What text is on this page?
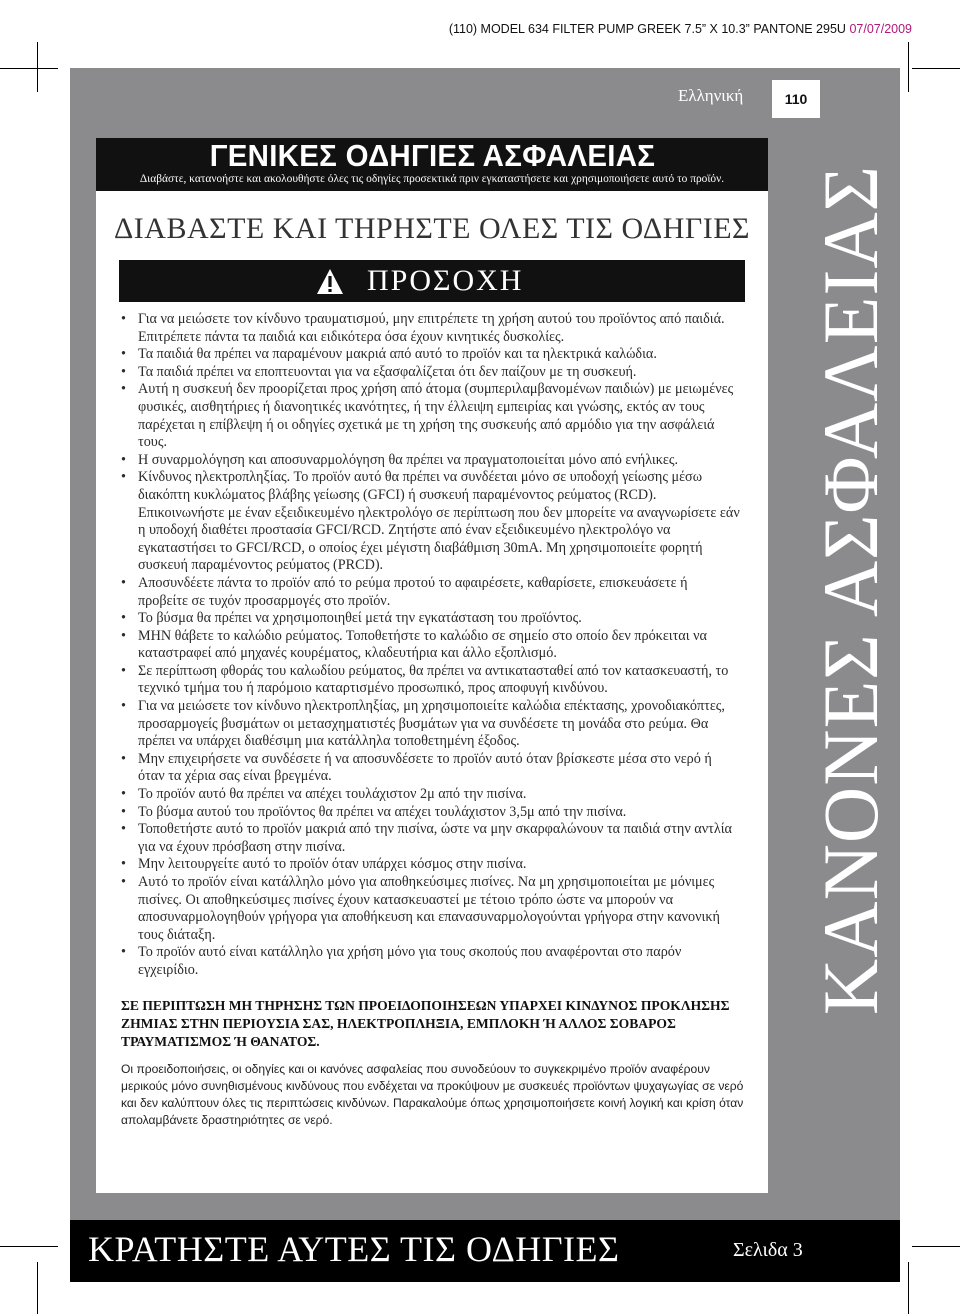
(110) MODEL 634 FILTER PUMP GREEK 7.5” X 10.3” PANTONE 295U 07/07/2009
Ελληνική	110
ΓΕΝΙΚΕΣ ΟΔΗΓΙΕΣ ΑΣΦΑΛΕΙΑΣ
Διαβάστε, κατανοήστε και ακολουθήστε όλες τις οδηγίες προσεκτικά πριν εγκαταστήσετε και χρησιμοποιήσετε αυτό το προϊόν.
ΔΙΑΒΑΣΤΕ ΚΑΙ ΤΗΡΗΣΤΕ ΟΛΕΣ ΤΙΣ ΟΔΗΓΙΕΣ
ΠΡΟΣΟΧΗ
• Για να μειώσετε τον κίνδυνο τραυματισμού, μην επιτρέπετε τη χρήση αυτού του προϊόντος από παιδιά. Επιτρέπετε πάντα τα παιδιά και ειδικότερα όσα έχουν κινητικές δυσκολίες.
• Τα παιδιά θα πρέπει να παραμένουν μακριά από αυτό το προϊόν και τα ηλεκτρικά καλώδια.
• Τα παιδιά πρέπει να εποπτευονται για να εξασφαλίζεται ότι δεν παίζουν με τη συσκευή.
• Αυτή η συσκευή δεν προορίζεται προς χρήση από άτομα (συμπεριλαμβανομένων παιδιών) με μειωμένες φυσικές, αισθητήριες ή διανοητικές ικανότητες, ή την έλλειψη εμπειρίας και γνώσης, εκτός αν τους παρέχεται η επίβλεψη ή οι οδηγίες σχετικά με τη χρήση της συσκευής από αρμόδιο για την ασφάλειά τους.
• Η συναρμολόγηση και αποσυναρμολόγηση θα πρέπει να πραγματοποιείται μόνο από ενήλικες.
• Κίνδυνος ηλεκτροπληξίας. Το προϊόν αυτό θα πρέπει να συνδέεται μόνο σε υποδοχή γείωσης μέσω διακόπτη κυκλώματος βλάβης γείωσης (GFCI) ή συσκευή παραμένοντος ρεύματος (RCD). Επικοινωνήστε με έναν εξειδικευμένο ηλεκτρολόγο σε περίπτωση που δεν μπορείτε να αναγνωρίσετε εάν η υποδοχή διαθέτει προστασία GFCI/RCD. Ζητήστε από έναν εξειδικευμένο ηλεκτρολόγο να εγκαταστήσει το GFCI/RCD, ο οποίος έχει μέγιστη διαβάθμιση 30mA. Μη χρησιμοποιείτε φορητή συσκευή παραμένοντος ρεύματος (PRCD).
• Αποσυνδέετε πάντα το προϊόν από το ρεύμα προτού το αφαιρέσετε, καθαρίσετε, επισκευάσετε ή προβείτε σε τυχόν προσαρμογές στο προϊόν.
• Το βύσμα θα πρέπει να χρησιμοποιηθεί μετά την εγκατάσταση του προϊόντος.
• ΜΗΝ θάβετε το καλώδιο ρεύματος. Τοποθετήστε το καλώδιο σε σημείο στο οποίο δεν πρόκειται να καταστραφεί από μηχανές κουρέματος, κλαδευτήρια και άλλο εξοπλισμό.
• Σε περίπτωση φθοράς του καλωδίου ρεύματος, θα πρέπει να αντικατασταθεί από τον κατασκευαστή, το τεχνικό τμήμα του ή παρόμοιο καταρτισμένο προσωπικό, προς αποφυγή κινδύνου.
• Για να μειώσετε τον κίνδυνο ηλεκτροπληξίας, μη χρησιμοποιείτε καλώδια επέκτασης, χρονοδιακόπτες, προσαρμογείς βυσμάτων οι μετασχηματιστές βυσμάτων για να συνδέσετε τη μονάδα στο ρεύμα. Θα πρέπει να υπάρχει διαθέσιμη μια κατάλληλα τοποθετημένη έξοδος.
• Μην επιχειρήσετε να συνδέσετε ή να αποσυνδέσετε το προϊόν αυτό όταν βρίσκεστε μέσα στο νερό ή όταν τα χέρια σας είναι βρεγμένα.
• Το προϊόν αυτό θα πρέπει να απέχει τουλάχιστον 2μ από την πισίνα.
• Το βύσμα αυτού του προϊόντος θα πρέπει να απέχει τουλάχιστον 3,5μ από την πισίνα.
• Τοποθετήστε αυτό το προϊόν μακριά από την πισίνα, ώστε να μην σκαρφαλώνουν τα παιδιά στην αντλία για να έχουν πρόσβαση στην πισίνα.
• Μην λειτουργείτε αυτό το προϊόν όταν υπάρχει κόσμος στην πισίνα.
• Αυτό το προϊόν είναι κατάλληλο μόνο για αποθηκεύσιμες πισίνες. Να μη χρησιμοποιείται με μόνιμες πισίνες. Οι αποθηκεύσιμες πισίνες έχουν κατασκευαστεί με τέτοιο τρόπο ώστε να μπορούν να αποσυναρμολογηθούν γρήγορα για αποθήκευση και επανασυναρμολογούνται γρήγορα στην κανονική τους διάταξη.
• Το προϊόν αυτό είναι κατάλληλο για χρήση μόνο για τους σκοπούς που αναφέρονται στο παρόν εγχειρίδιο.
ΣΕ ΠΕΡΙΠΤΩΣΗ ΜΗ ΤΗΡΗΣΗΣ ΤΩΝ ΠΡΟΕΙΔΟΠΟΙΗΣΕΩΝ ΥΠΑΡΧΕΙ ΚΙΝΔΥΝΟΣ ΠΡΟΚΛΗΣΗΣ ΖΗΜΙΑΣ ΣΤΗΝ ΠΕΡΙΟΥΣΙΑ ΣΑΣ, ΗΛΕΚΤΡΟΠΛΗΞΙΑ, ΕΜΠΛΟΚΗ Ή ΑΛΛΟΣ ΣΟΒΑΡΟΣ ΤΡΑΥΜΑΤΙΣΜΟΣ Ή ΘΑΝΑΤΟΣ.
Οι προειδοποιήσεις, οι οδηγίες και οι κανόνες ασφαλείας που συνοδεύουν το συγκεκριμένο προϊόν αναφέρουν μερικούς μόνο συνηθισμένους κινδύνους που ενδέχεται να προκύψουν με συσκευές προϊόντων ψυχαγωγίας σε νερό και δεν καλύπτουν όλες τις περιπτώσεις κινδύνων. Παρακαλούμε όπως χρησιμοποιήσετε κοινή λογική και κρίση όταν απολαμβάνετε δραστηριότητες σε νερό.
ΚΑΝΟΝΕΣ ΑΣΦΑΛΕΙΑΣ
ΚΡΑΤΗΣΤΕ ΑΥΤΕΣ ΤΙΣ ΟΔΗΓΙΕΣ	Σελιδα 3
